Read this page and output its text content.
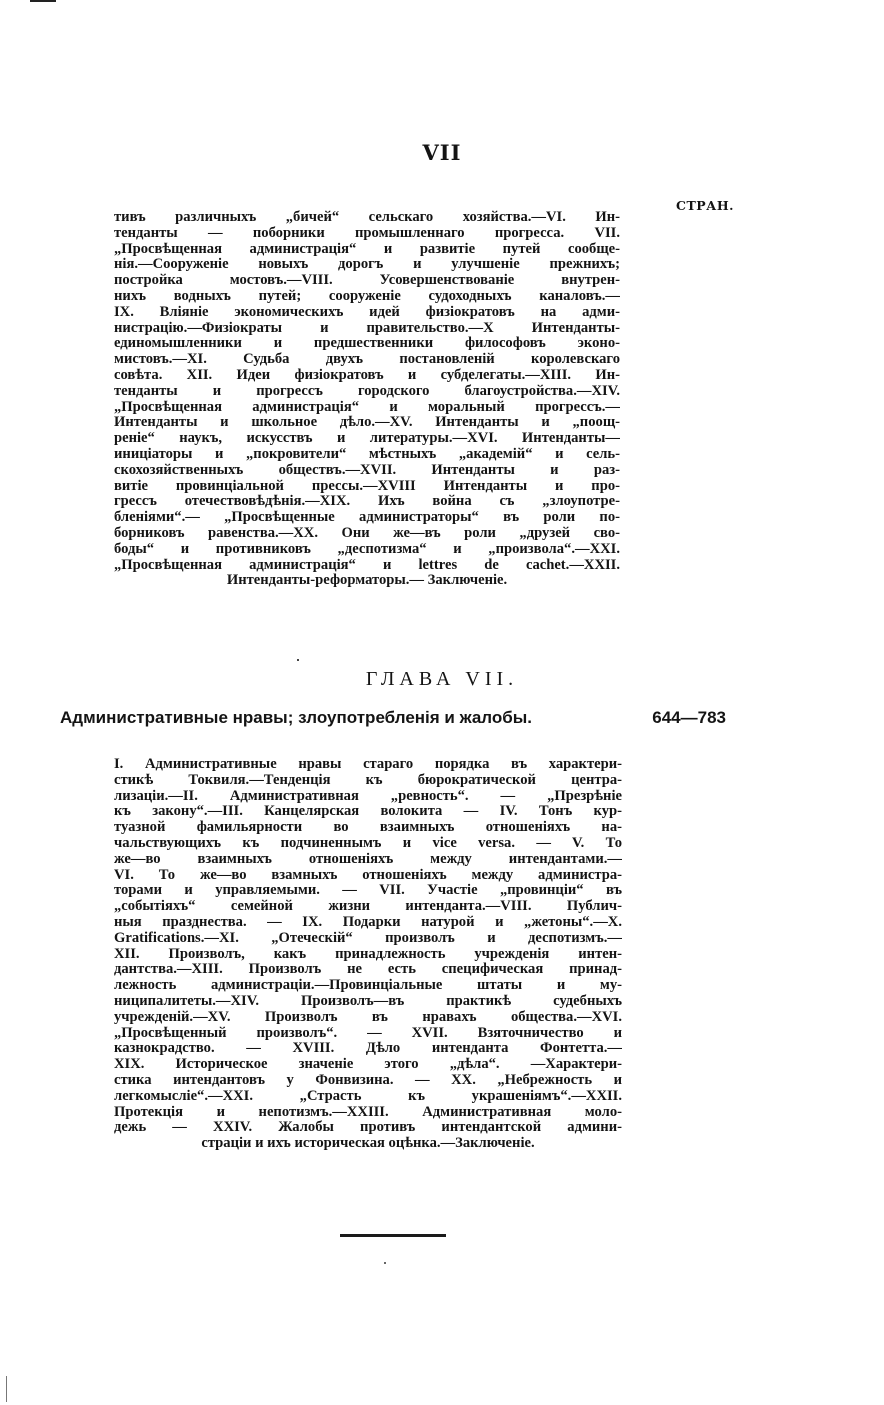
VII
СТРАН.
тивъ различныхъ „бичей“ сельскаго хозяйства.—VI. Ин-
тенданты — поборники промышленнаго прогресса. VII.
„Просвѣщенная администрація“ и развитіе путей сообще-
нія.—Сооруженіе новыхъ дорогъ и улучшеніе прежнихъ;
постройка мостовъ.—VIII. Усовершенствованіе внутрен-
нихъ водныхъ путей; сооруженіе судоходныхъ каналовъ.—
IX. Вліяніе экономическихъ идей физіократовъ на адми-
нистрацію.—Физіократы и правительство.—X Интенданты-
единомышленники и предшественники философовъ эконо-
мистовъ.—XI. Судьба двухъ постановленій королевскаго
совѣта. XII. Идеи физіократовъ и субделегаты.—XIII. Ин-
тенданты и прогрессъ городского благоустройства.—XIV.
„Просвѣщенная администрація“ и моральный прогрессъ.—
Интенданты и школьное дѣло.—XV. Интенданты и „поощ-
реніе“ наукъ, искусствъ и литературы.—XVI. Интенданты—
иниціаторы и „покровители“ мѣстныхъ „академій“ и сель-
скохозяйственныхъ обществъ.—XVII. Интенданты и раз-
витіе провинціальной прессы.—XVIII Интенданты и про-
грессъ отечествовѣдѣнія.—XIX. Ихъ война съ „злоупотре-
бленіями“.— „Просвѣщенные администраторы“ въ роли по-
борниковъ равенства.—XX. Они же—въ роли „друзей сво-
боды“ и противниковъ „деспотизма“ и „произвола“.—XXI.
„Просвѣщенная администрація“ и lettres de cachet.—XXII.
Интенданты-реформаторы.— Заключеніе.
ГЛАВА VII.
Административные нравы; злоупотребленія и жалобы.	644—783
I. Административные нравы стараго порядка въ характери-
стикѣ Токвиля.—Тенденція къ бюрократической центра-
лизаціи.—II. Административная „ревность“. — „Презрѣніе
къ закону“.—III. Канцелярская волокита — IV. Тонъ кур-
туазной фамильярности во взаимныхъ отношеніяхъ на-
чальствующихъ къ подчиненнымъ и vice versa. — V. То
же—во взаимныхъ отношеніяхъ между интендантами.—
VI. То же—во взамныхъ отношеніяхъ между администра-
торами и управляемыми. — VII. Участіе „провинціи“ въ
„событіяхъ“ семейной жизни интенданта.—VIII. Публич-
ныя празднества. — IX. Подарки натурой и „жетоны“.—X.
Gratifications.—XI. „Отеческій“ произволъ и деспотизмъ.—
XII. Произволъ, какъ принадлежность учрежденія интен-
дантства.—XIII. Произволъ не есть специфическая принад-
лежность администраціи.—Провинціальные штаты и му-
ниципалитеты.—XIV. Произволъ—въ практикѣ судебныхъ
учрежденій.—XV. Произволъ въ нравахъ общества.—XVI.
„Просвѣщенный произволъ“. — XVII. Взяточничество и
казнокрадство. — XVIII. Дѣло интенданта Фонтетта.—
XIX. Историческое значеніе этого „дѣла“. —Характери-
стика интендантовъ у Фонвизина. — XX. „Небрежность и
легкомысліе“.—XXI. „Страсть къ украшеніямъ“.—XXII.
Протекція и непотизмъ.—XXIII. Административная моло-
дежь — XXIV. Жалобы противъ интендантской админи-
страціи и ихъ историческая оцѣнка.—Заключеніе.
